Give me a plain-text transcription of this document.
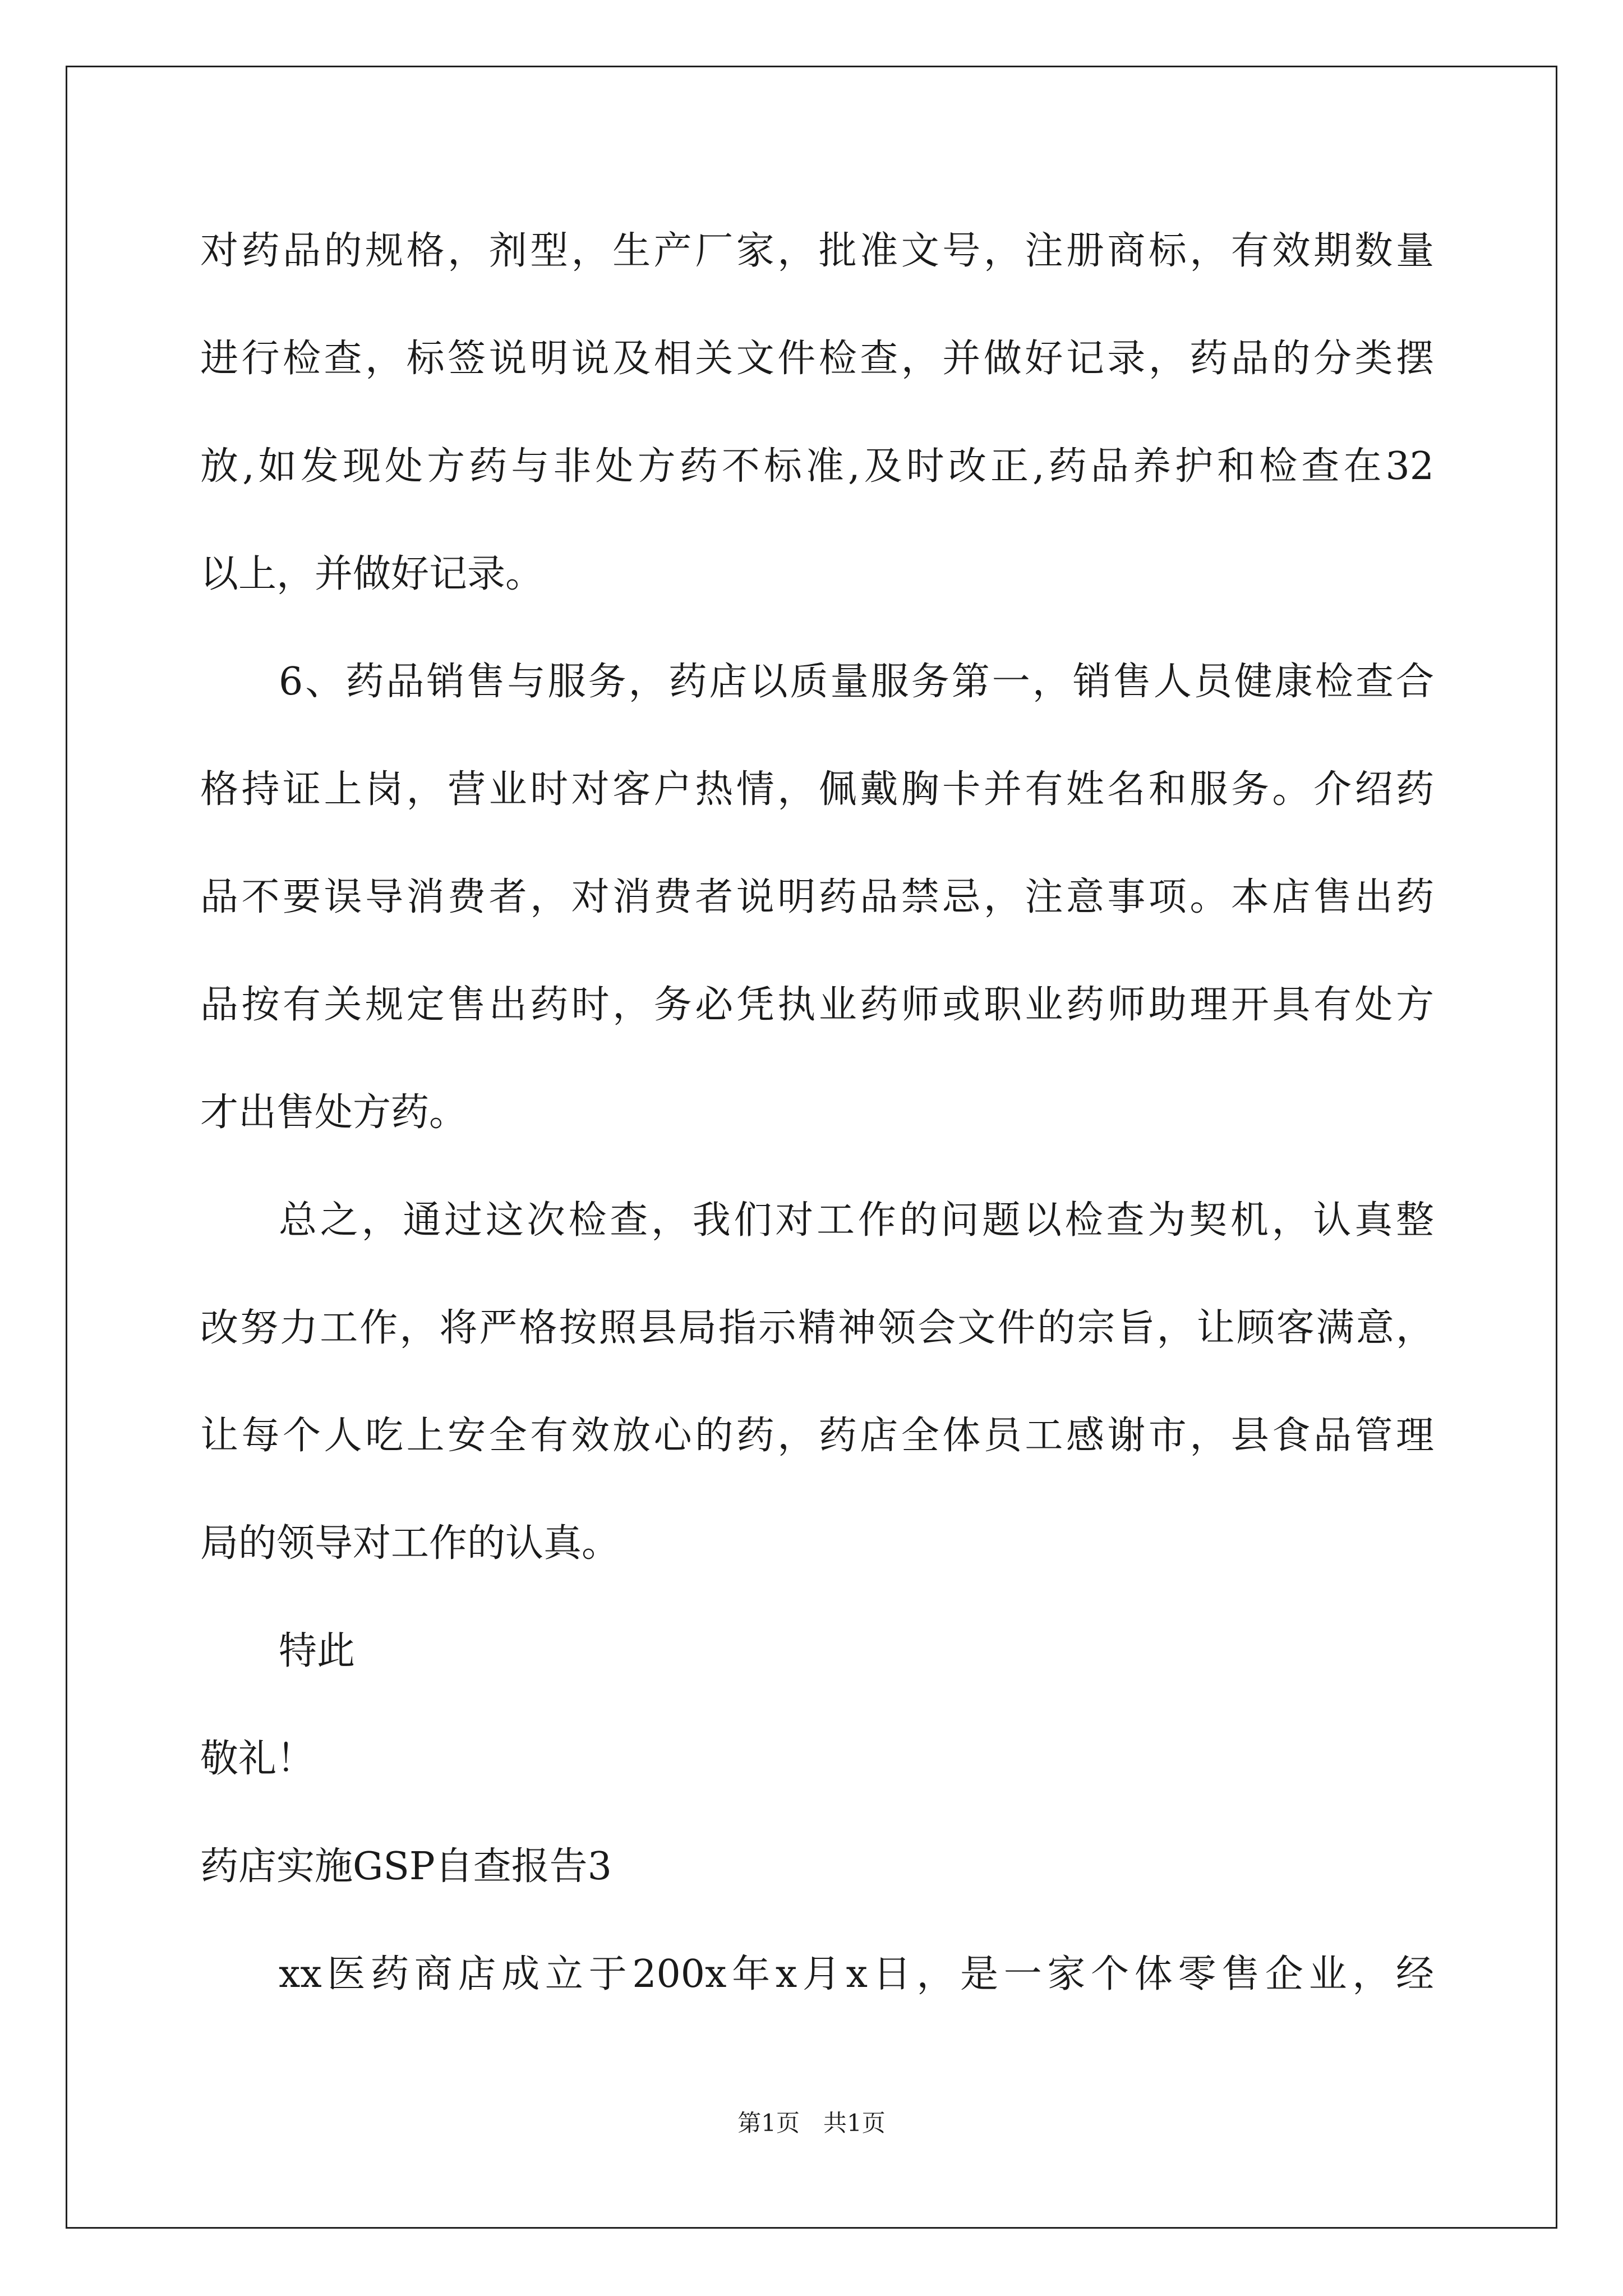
对药品的规格，剂型，生产厂家，批准文号，注册商标，有效期数量
进行检查，标签说明说及相关文件检查，并做好记录，药品的分类摆
放,如发现处方药与非处方药不标准,及时改正,药品养护和检查在32
以上，并做好记录。
6、药品销售与服务，药店以质量服务第一，销售人员健康检查合
格持证上岗，营业时对客户热情，佩戴胸卡并有姓名和服务。介绍药
品不要误导消费者，对消费者说明药品禁忌，注意事项。本店售出药
品按有关规定售出药时，务必凭执业药师或职业药师助理开具有处方
才出售处方药。
总之，通过这次检查，我们对工作的问题以检查为契机，认真整
改努力工作，将严格按照县局指示精神领会文件的宗旨，让顾客满意，
让每个人吃上安全有效放心的药，药店全体员工感谢市，县食品管理
局的领导对工作的认真。
特此
敬礼！
药店实施GSP自查报告3
xx医药商店成立于200x年x月x日，是一家个体零售企业，经
第1页　共1页
